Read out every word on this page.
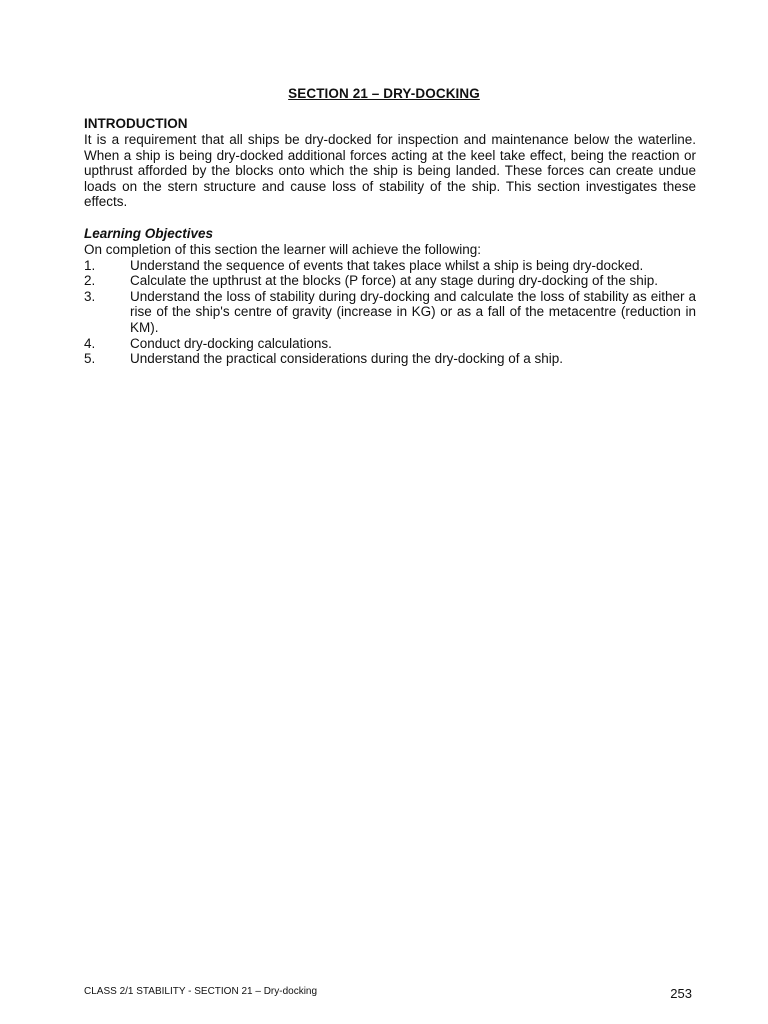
SECTION 21 – DRY-DOCKING

INTRODUCTION

It is a requirement that all ships be dry-docked for inspection and maintenance below the waterline. When a ship is being dry-docked additional forces acting at the keel take effect, being the reaction or upthrust afforded by the blocks onto which the ship is being landed. These forces can create undue loads on the stern structure and cause loss of stability of the ship. This section investigates these effects.

Learning Objectives

On completion of this section the learner will achieve the following:

1.	Understand the sequence of events that takes place whilst a ship is being dry-docked.
2.	Calculate the upthrust at the blocks (P force) at any stage during dry-docking of the ship.
3.	Understand the loss of stability during dry-docking and calculate the loss of stability as either a rise of the ship's centre of gravity (increase in KG) or as a fall of the metacentre (reduction in KM).
4.	Conduct dry-docking calculations.
5.	Understand the practical considerations during the dry-docking of a ship.
CLASS 2/1 STABILITY - SECTION 21 – Dry-docking	253
